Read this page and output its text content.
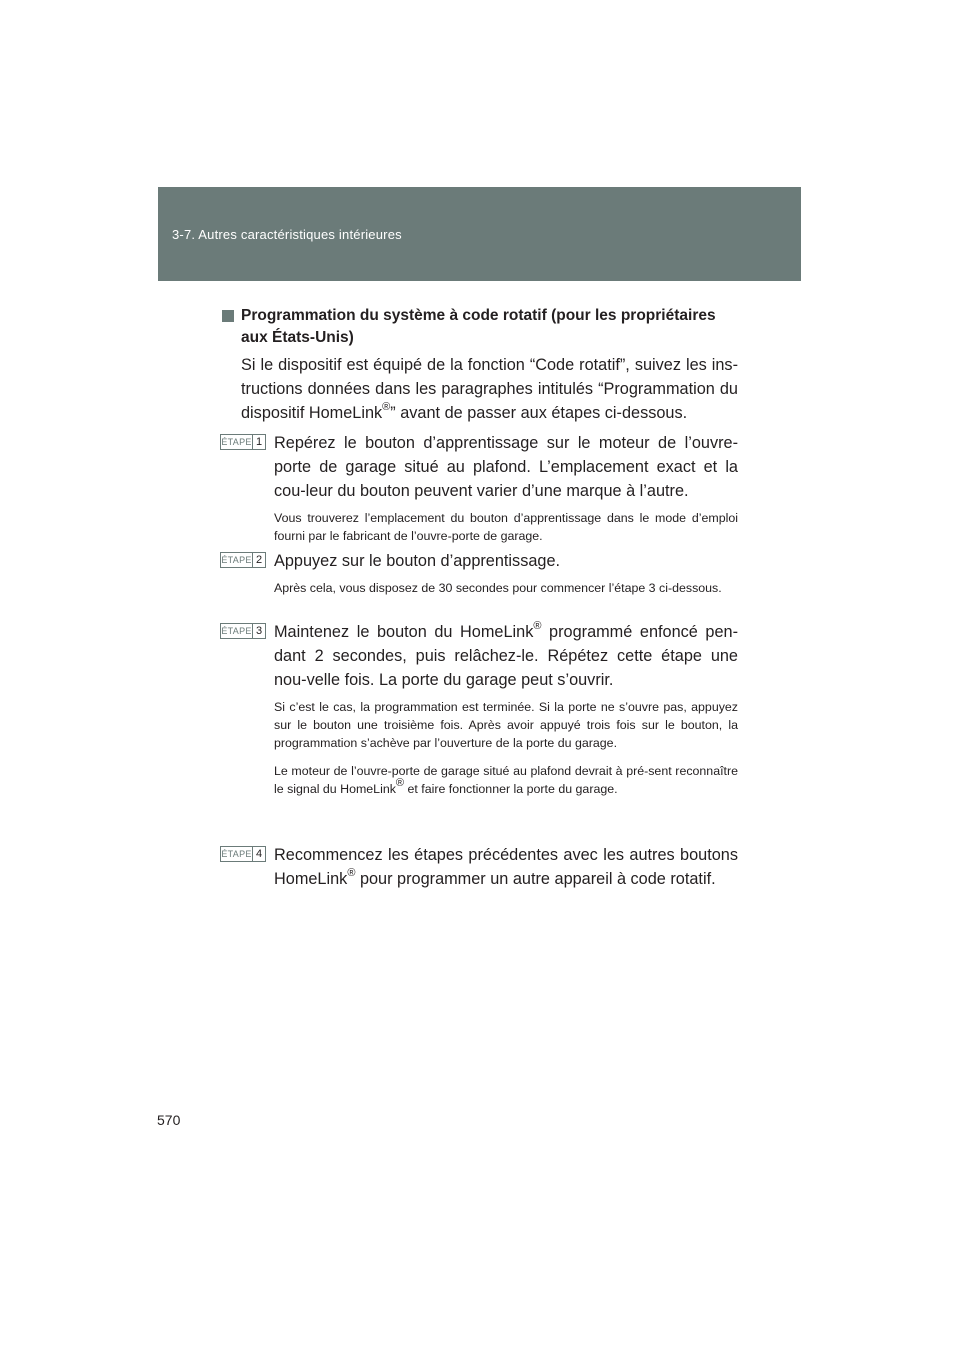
3-7. Autres caractéristiques intérieures
Programmation du système à code rotatif (pour les propriétaires aux États-Unis)
Si le dispositif est équipé de la fonction “Code rotatif”, suivez les ins-tructions données dans les paragraphes intitulés “Programmation du dispositif HomeLink®” avant de passer aux étapes ci-dessous.
ÉTAPE 1 Repérez le bouton d’apprentissage sur le moteur de l’ouvre-porte de garage situé au plafond. L’emplacement exact et la cou-leur du bouton peuvent varier d’une marque à l’autre.
Vous trouverez l’emplacement du bouton d’apprentissage dans le mode d’emploi fourni par le fabricant de l’ouvre-porte de garage.
ÉTAPE 2 Appuyez sur le bouton d’apprentissage.
Après cela, vous disposez de 30 secondes pour commencer l’étape 3 ci-dessous.
ÉTAPE 3 Maintenez le bouton du HomeLink® programmé enfoncé pen-dant 2 secondes, puis relâchez-le. Répétez cette étape une nou-velle fois. La porte du garage peut s’ouvrir.
Si c’est le cas, la programmation est terminée. Si la porte ne s’ouvre pas, appuyez sur le bouton une troisième fois. Après avoir appuyé trois fois sur le bouton, la programmation s’achève par l’ouverture de la porte du garage.
Le moteur de l’ouvre-porte de garage situé au plafond devrait à pré-sent reconnaître le signal du HomeLink® et faire fonctionner la porte du garage.
ÉTAPE 4 Recommencez les étapes précédentes avec les autres boutons HomeLink® pour programmer un autre appareil à code rotatif.
570
